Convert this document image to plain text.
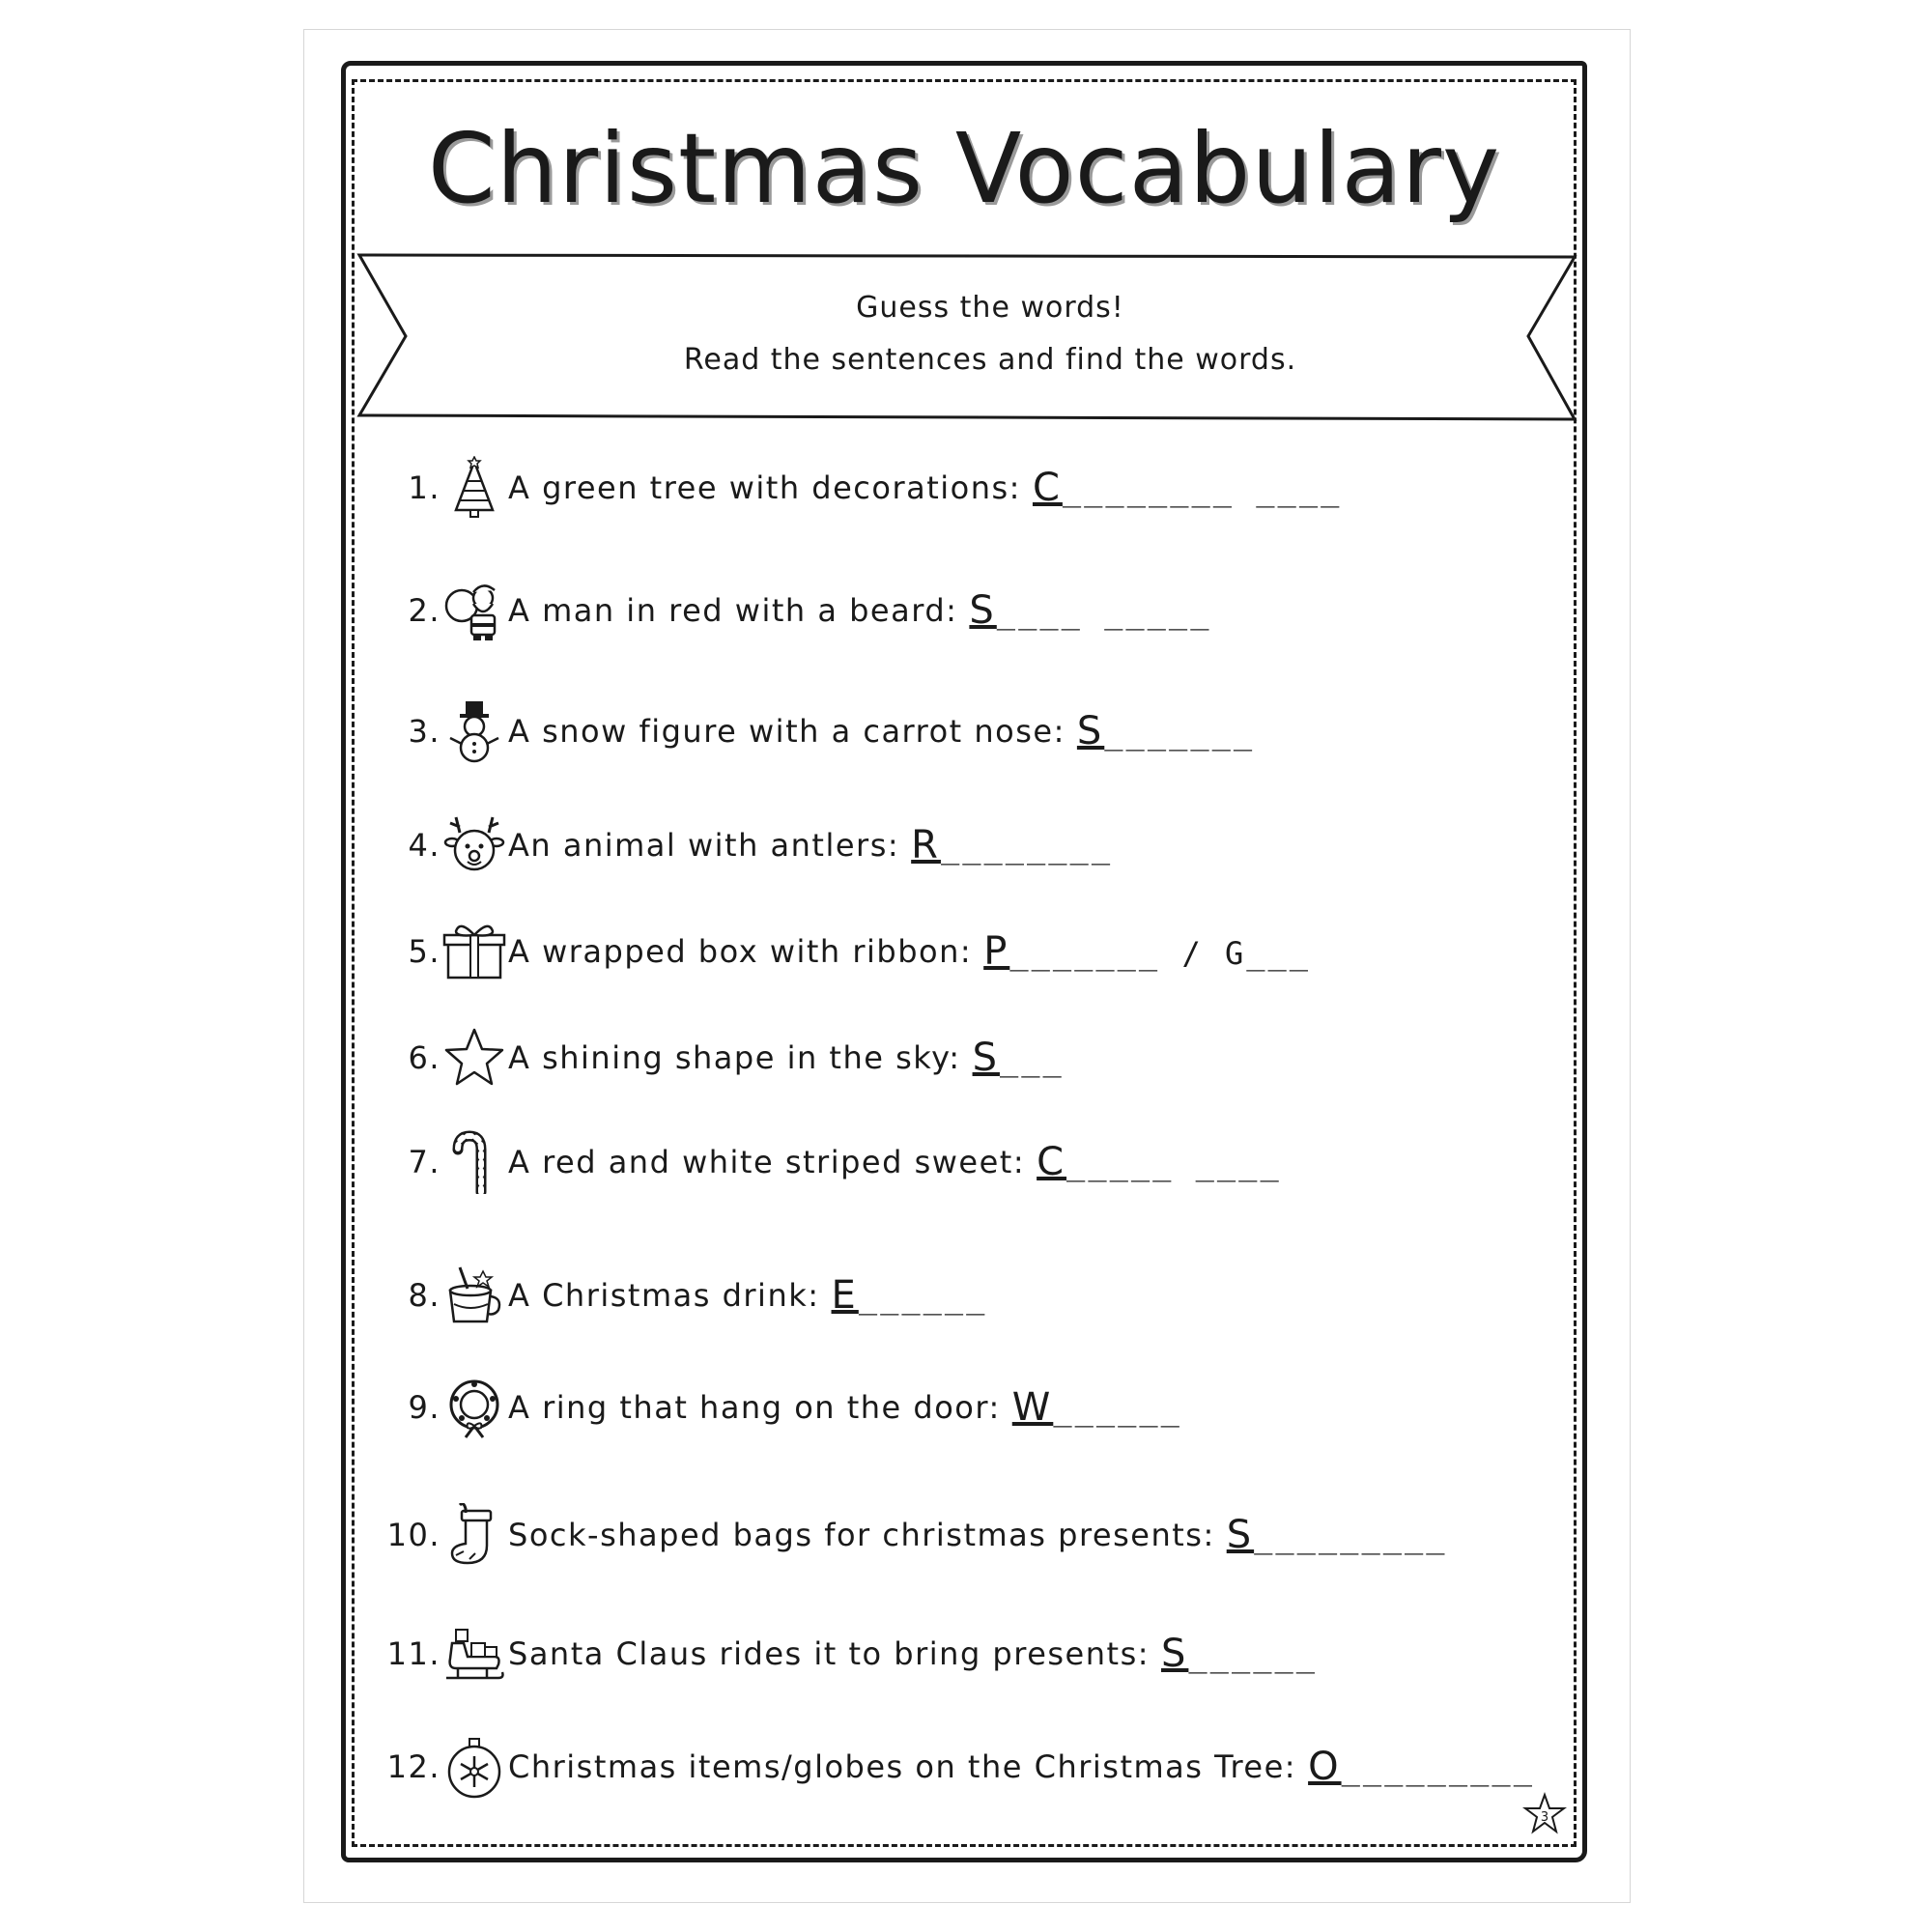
Christmas Vocabulary
Guess the words!
Read the sentences and find the words.
1. A green tree with decorations: C________ ____
2. A man in red with a beard: S____ _____
3. A snow figure with a carrot nose: S_______
4. An animal with antlers: R________
5. A wrapped box with ribbon: P_______ / G___
6. A shining shape in the sky: S___
7. A red and white striped sweet: C_____ ____
8. A Christmas drink: E______
9. A ring that hang on the door: W______
10. Sock-shaped bags for christmas presents: S_________
11. Santa Claus rides it to bring presents: S______
12. Christmas items/globes on the Christmas Tree: O_________
3
